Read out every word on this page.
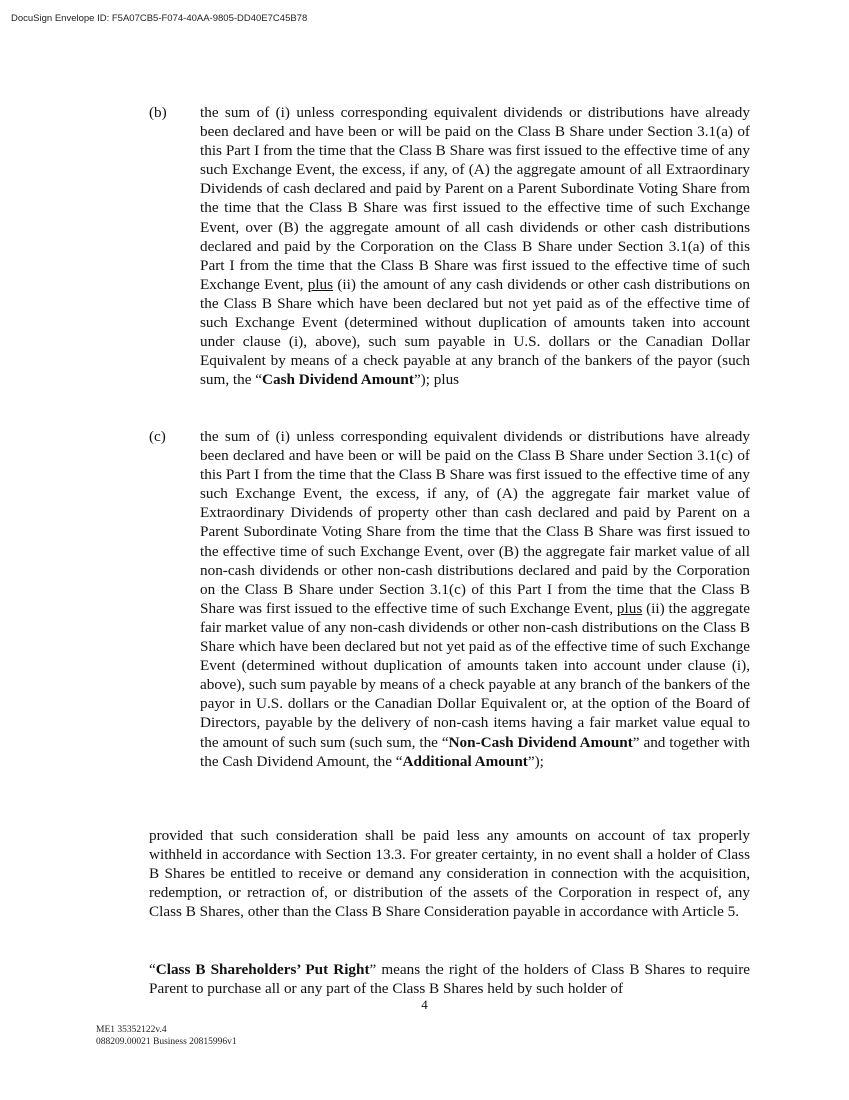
DocuSign Envelope ID: F5A07CB5-F074-40AA-9805-DD40E7C45B78
(b) the sum of (i) unless corresponding equivalent dividends or distributions have already been declared and have been or will be paid on the Class B Share under Section 3.1(a) of this Part I from the time that the Class B Share was first issued to the effective time of any such Exchange Event, the excess, if any, of (A) the aggregate amount of all Extraordinary Dividends of cash declared and paid by Parent on a Parent Subordinate Voting Share from the time that the Class B Share was first issued to the effective time of such Exchange Event, over (B) the aggregate amount of all cash dividends or other cash distributions declared and paid by the Corporation on the Class B Share under Section 3.1(a) of this Part I from the time that the Class B Share was first issued to the effective time of such Exchange Event, plus (ii) the amount of any cash dividends or other cash distributions on the Class B Share which have been declared but not yet paid as of the effective time of such Exchange Event (determined without duplication of amounts taken into account under clause (i), above), such sum payable in U.S. dollars or the Canadian Dollar Equivalent by means of a check payable at any branch of the bankers of the payor (such sum, the “Cash Dividend Amount”); plus
(c) the sum of (i) unless corresponding equivalent dividends or distributions have already been declared and have been or will be paid on the Class B Share under Section 3.1(c) of this Part I from the time that the Class B Share was first issued to the effective time of any such Exchange Event, the excess, if any, of (A) the aggregate fair market value of Extraordinary Dividends of property other than cash declared and paid by Parent on a Parent Subordinate Voting Share from the time that the Class B Share was first issued to the effective time of such Exchange Event, over (B) the aggregate fair market value of all non-cash dividends or other non-cash distributions declared and paid by the Corporation on the Class B Share under Section 3.1(c) of this Part I from the time that the Class B Share was first issued to the effective time of such Exchange Event, plus (ii) the aggregate fair market value of any non-cash dividends or other non-cash distributions on the Class B Share which have been declared but not yet paid as of the effective time of such Exchange Event (determined without duplication of amounts taken into account under clause (i), above), such sum payable by means of a check payable at any branch of the bankers of the payor in U.S. dollars or the Canadian Dollar Equivalent or, at the option of the Board of Directors, payable by the delivery of non-cash items having a fair market value equal to the amount of such sum (such sum, the “Non-Cash Dividend Amount” and together with the Cash Dividend Amount, the “Additional Amount”);
provided that such consideration shall be paid less any amounts on account of tax properly withheld in accordance with Section 13.3. For greater certainty, in no event shall a holder of Class B Shares be entitled to receive or demand any consideration in connection with the acquisition, redemption, or retraction of, or distribution of the assets of the Corporation in respect of, any Class B Shares, other than the Class B Share Consideration payable in accordance with Article 5.
“Class B Shareholders’ Put Right” means the right of the holders of Class B Shares to require Parent to purchase all or any part of the Class B Shares held by such holder of
4
ME1 35352122v.4
088209.00021 Business 20815996v1
